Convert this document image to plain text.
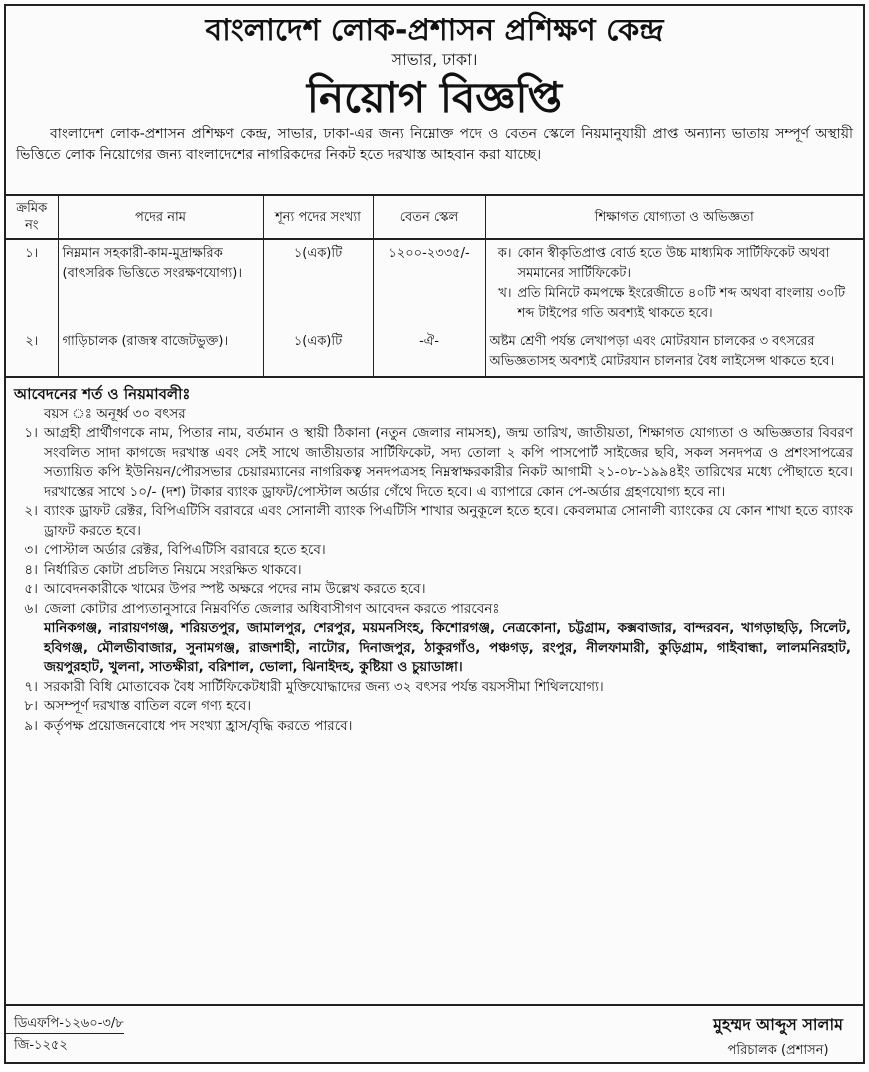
বাংলাদেশ লোক-প্রশাসন প্রশিক্ষণ কেন্দ্র
সাভার, ঢাকা।
নিয়োগ বিজ্ঞপ্তি
বাংলাদেশ লোক-প্রশাসন প্রশিক্ষণ কেন্দ্র, সাভার, ঢাকা-এর জন্য নিম্নোক্ত পদে ও বেতন স্কেলে নিয়মানুযায়ী প্রাপ্ত অন্যান্য ভাতায় সম্পূর্ণ অস্থায়ী ভিত্তিতে লোক নিয়োগের জন্য বাংলাদেশের নাগরিকদের নিকট হতে দরখাস্ত আহবান করা যাচ্ছে।
ক্রমিক নং	পদের নাম	শূন্য পদের সংখ্যা	বেতন স্কেল	শিক্ষাগত যোগ্যতা ও অভিজ্ঞতা
১।	নিম্নমান সহকারী-কাম-মুদ্রাক্ষরিক (বাৎসরিক ভিত্তিতে সংরক্ষণযোগ্য)।	১(এক)টি	১২০০-২৩৩৫/-	ক। কোন স্বীকৃতিপ্রাপ্ত বোর্ড হতে উচ্চ মাধ্যমিক সার্টিফিকেট অথবা সমমানের সার্টিফিকেট।
খ। প্রতি মিনিটে কমপক্ষে ইংরেজীতে ৪০টি শব্দ অথবা বাংলায় ৩০টি শব্দ টাইপের গতি অবশ্যই থাকতে হবে।

২।	গাড়িচালক (রাজস্ব বাজেটভুক্ত)।	১(এক)টি	-ঐ-	অষ্টম শ্রেণী পর্যন্ত লেখাপড়া এবং মোটরযান চালকের ৩ বৎসরের অভিজ্ঞতাসহ অবশ্যই মোটরযান চালনার বৈধ লাইসেন্স থাকতে হবে।
আবেদনের শর্ত ও নিয়মাবলীঃ
বয়স ঃ অনূর্ধ্ব ৩০ বৎসর
১। আগ্রহী প্রার্থীগণকে নাম, পিতার নাম, বর্তমান ও স্থায়ী ঠিকানা (নতুন জেলার নামসহ), জন্ম তারিখ, জাতীয়তা, শিক্ষাগত যোগ্যতা ও অভিজ্ঞতার বিবরণ সংবলিত সাদা কাগজে দরখাস্ত এবং সেই সাথে জাতীয়তার সার্টিফিকেট, সদ্য তোলা ২ কপি পাসপোর্ট সাইজের ছবি, সকল সনদপত্র ও প্রশংসাপত্রের সত্যায়িত কপি ইউনিয়ন/পৌরসভার চেয়ারম্যানের নাগরিকত্ব সনদপত্রসহ নিম্নস্বাক্ষরকারীর নিকট আগামী ২১-০৮-১৯৯৪ইং তারিখের মধ্যে পৌছাতে হবে। দরখাস্তের সাথে ১০/- (দশ) টাকার ব্যাংক ড্রাফট/পোস্টাল অর্ডার গেঁথে দিতে হবে। এ ব্যাপারে কোন পে-অর্ডার গ্রহণযোগ্য হবে না।
২। ব্যাংক ড্রাফট রেক্টর, বিপিএটিসি বরাবরে এবং সোনালী ব্যাংক পিএটিসি শাখার অনুকূলে হতে হবে। কেবলমাত্র সোনালী ব্যাংকের যে কোন শাখা হতে ব্যাংক ড্রাফট করতে হবে।
৩। পোস্টাল অর্ডার রেক্টর, বিপিএটিসি বরাবরে হতে হবে।
৪। নির্ধারিত কোটা প্রচলিত নিয়মে সংরক্ষিত থাকবে।
৫। আবেদনকারীকে খামের উপর স্পষ্ট অক্ষরে পদের নাম উল্লেখ করতে হবে।
৬। জেলা কোটার প্রাপ্যতানুসারে নিম্নবর্ণিত জেলার অধিবাসীগণ আবেদন করতে পারবেনঃ
মানিকগঞ্জ, নারায়ণগঞ্জ, শরিয়তপুর, জামালপুর, শেরপুর, ময়মনসিংহ, কিশোরগঞ্জ, নেত্রকোনা, চট্টগ্রাম, কক্সবাজার, বান্দরবন, খাগড়াছড়ি, সিলেট, হবিগঞ্জ, মৌলভীবাজার, সুনামগঞ্জ, রাজশাহী, নাটোর, দিনাজপুর, ঠাকুরগাঁও, পঞ্চগড়, রংপুর, নীলফামারী, কুড়িগ্রাম, গাইবান্ধা, লালমনিরহাট, জয়পুরহাট, খুলনা, সাতক্ষীরা, বরিশাল, ভোলা, ঝিনাইদহ, কুষ্টিয়া ও চুয়াডাঙ্গা।
৭। সরকারী বিধি মোতাবেক বৈধ সার্টিফিকেটধারী মুক্তিযোদ্ধাদের জন্য ৩২ বৎসর পর্যন্ত বয়সসীমা শিথিলযোগ্য।
৮। অসম্পূর্ণ দরখাস্ত বাতিল বলে গণ্য হবে।
৯। কর্তৃপক্ষ প্রয়োজনবোধে পদ সংখ্যা হ্রাস/বৃদ্ধি করতে পারবে।
ডিএফপি-১২৬০-৩/৮
জি-১২৫২
মুহম্মদ আব্দুস সালাম
পরিচালক (প্রশাসন)
